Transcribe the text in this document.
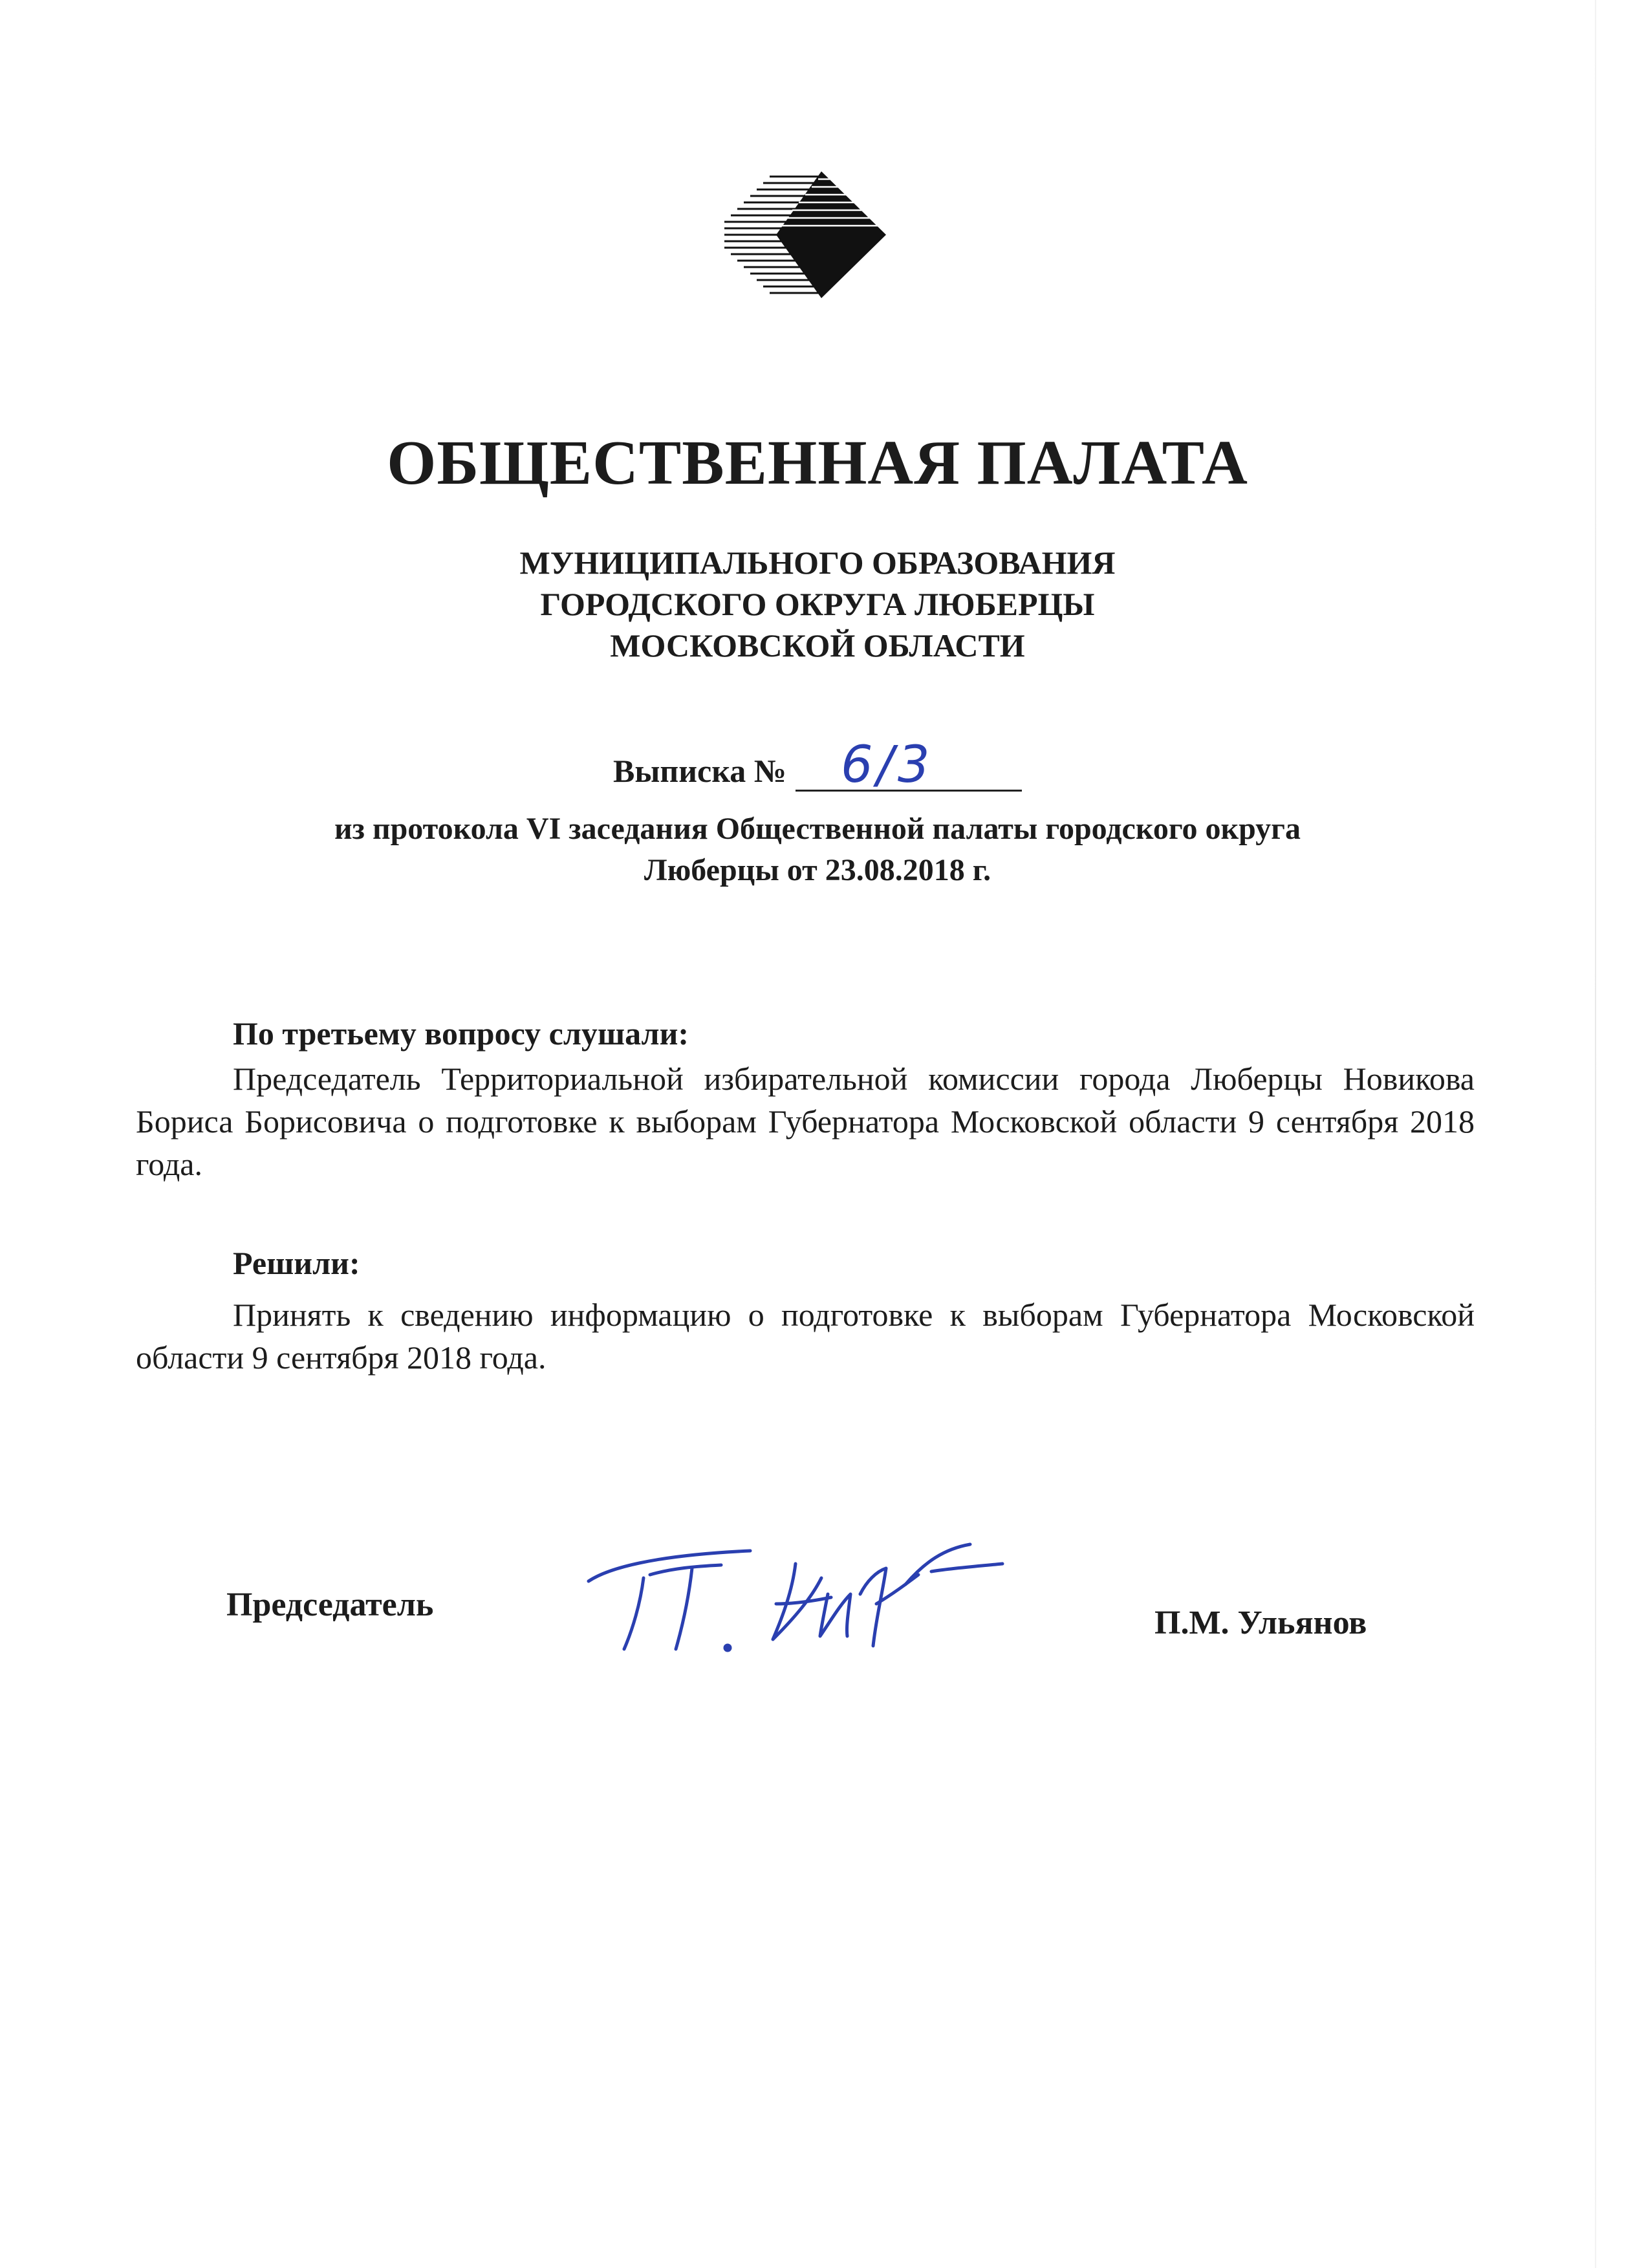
ОБЩЕСТВЕННАЯ ПАЛАТА
МУНИЦИПАЛЬНОГО ОБРАЗОВАНИЯ
ГОРОДСКОГО ОКРУГА ЛЮБЕРЦЫ
МОСКОВСКОЙ ОБЛАСТИ
Выписка № 6/3
из протокола VI заседания Общественной палаты городского округа
Люберцы от 23.08.2018 г.
По третьему вопросу слушали:
Председатель Территориальной избирательной комиссии города Люберцы Новикова Бориса Борисовича о подготовке к выборам Губернатора Московской области 9 сентября 2018 года.
Решили:
Принять к сведению информацию о подготовке к выборам Губернатора Московской области 9 сентября 2018 года.
Председатель	П.М. Ульянов
